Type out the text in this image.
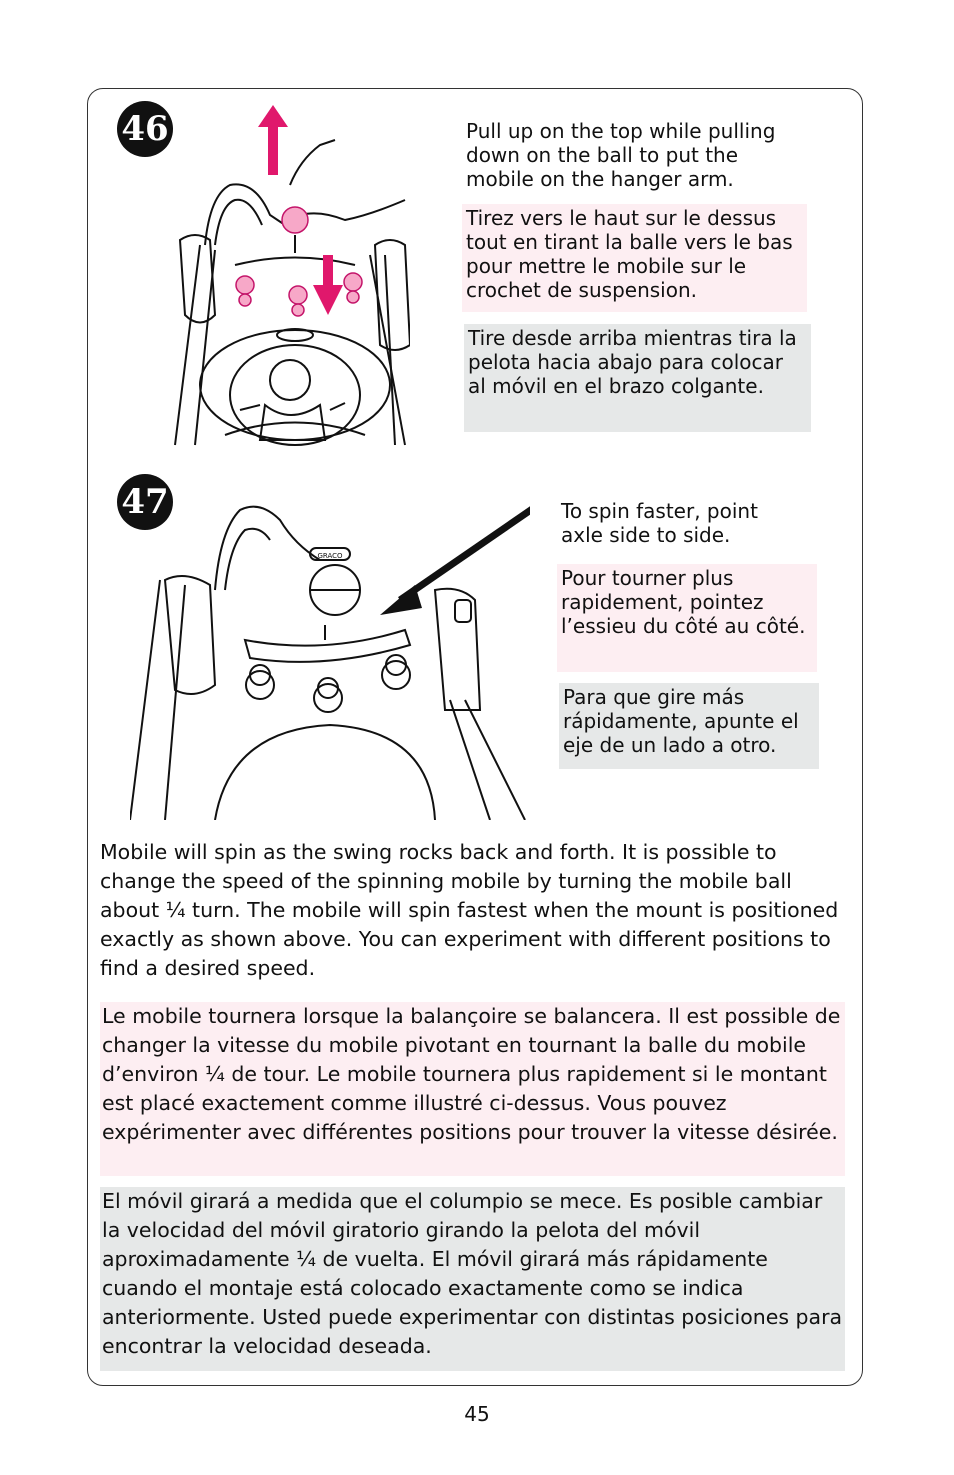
46	Pull up on the top while pulling down on the ball to put the mobile on the hanger arm.

Tirez vers le haut sur le dessus tout en tirant la balle vers le bas pour mettre le mobile sur le crochet de suspension.
Tire desde arriba mientras tira la pelota hacia abajo para colocar al móvil en el brazo colgante.
47
GRACO

To spin faster, point axle side to side.

Pour tourner plus rapidement, pointez l’essieu du côté au côté.
Para que gire más rápidamente, apunte el eje de un lado a otro.
Mobile will spin as the swing rocks back and forth. It is possible to change the speed of the spinning mobile by turning the mobile ball about ¼ turn. The mobile will spin fastest when the mount is positioned exactly as shown above. You can experiment with different positions to find a desired speed.
Le mobile tournera lorsque la balançoire se balancera. Il est possible de changer la vitesse du mobile pivotant en tournant la balle du mobile d’environ ¼ de tour. Le mobile tournera plus rapidement si le montant est placé exactement comme illustré ci-dessus. Vous pouvez expérimenter avec différentes positions pour trouver la vitesse désirée.
El móvil girará a medida que el columpio se mece. Es posible cambiar la velocidad del móvil giratorio girando la pelota del móvil aproximadamente ¼ de vuelta. El móvil girará más rápidamente cuando el montaje está colocado exactamente como se indica anteriormente. Usted puede experimentar con distintas posiciones para encontrar la velocidad deseada.
45
